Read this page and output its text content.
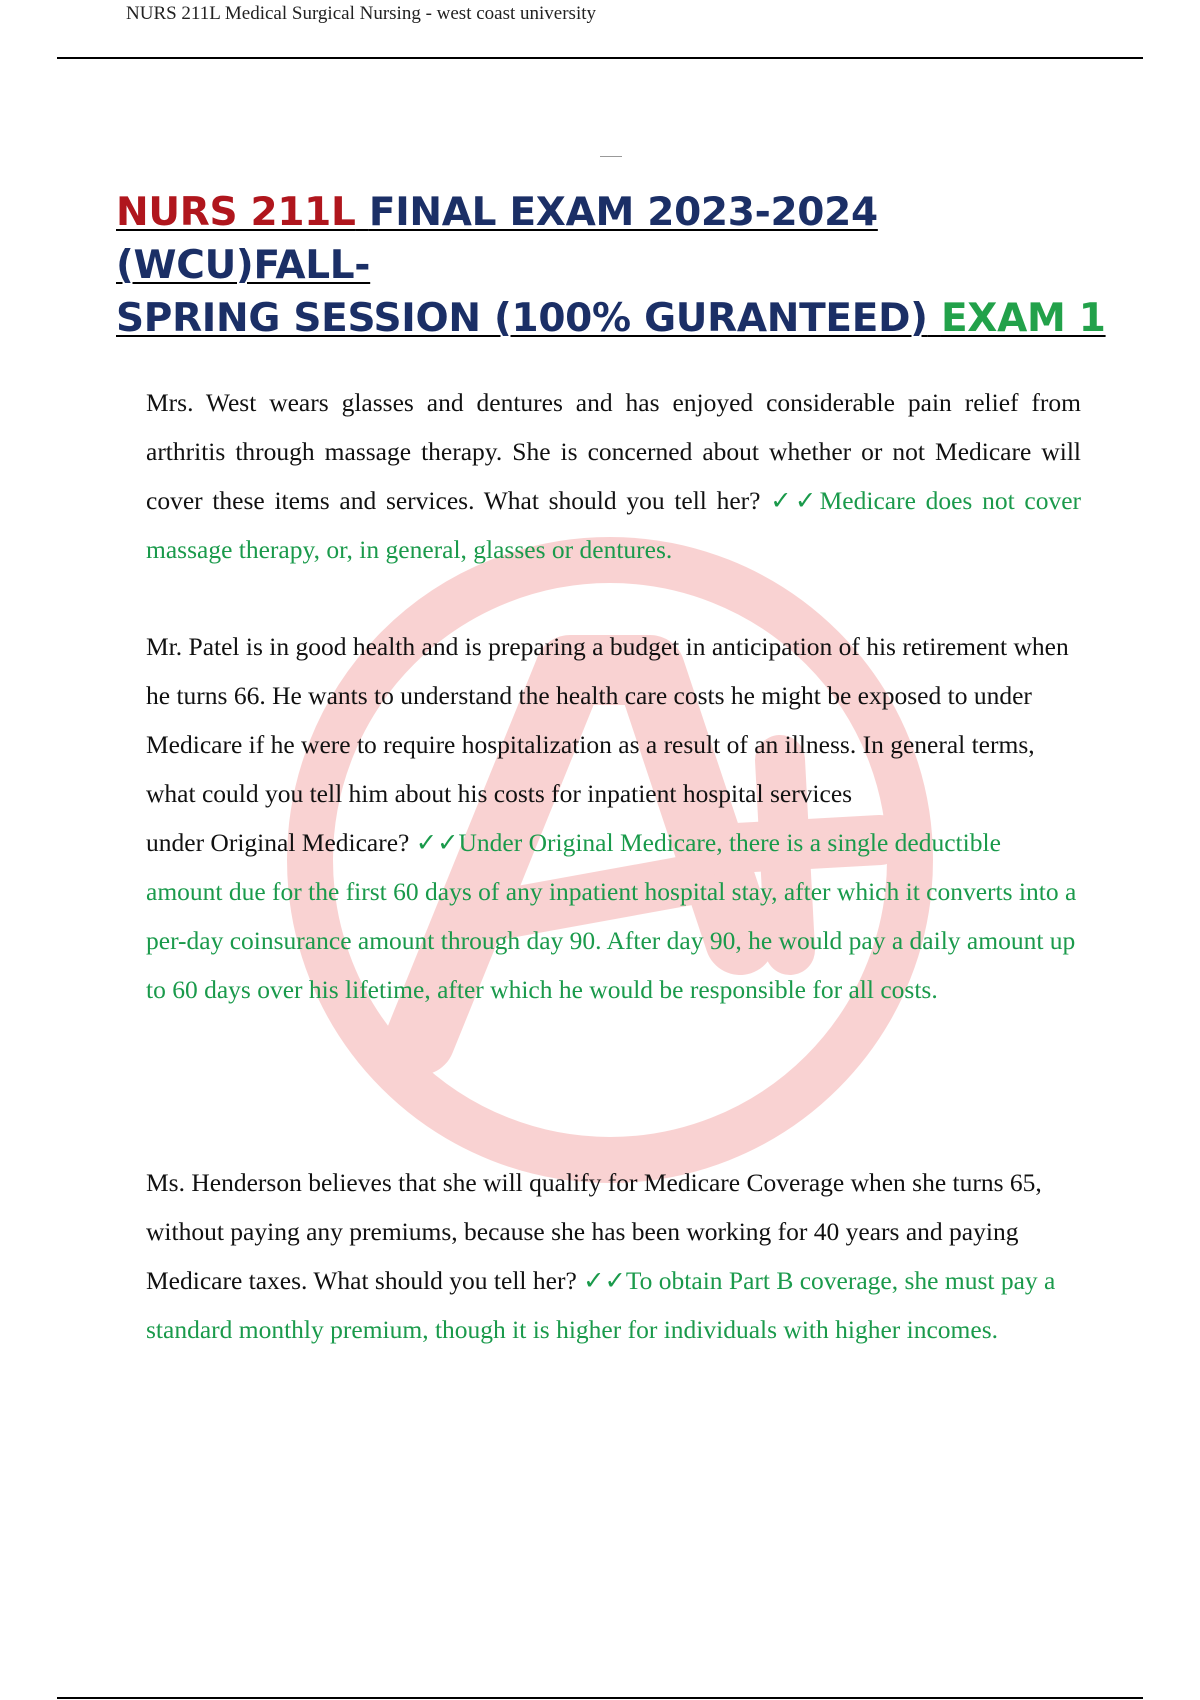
NURS 211L Medical Surgical Nursing - west coast university
NURS 211L FINAL EXAM 2023-2024 (WCU)FALL-
SPRING SESSION (100% GURANTEED) EXAM 1
Mrs. West wears glasses and dentures and has enjoyed considerable pain relief from arthritis through massage therapy. She is concerned about whether or not Medicare will cover these items and services. What should you tell her? ✓✓Medicare does not cover massage therapy, or, in general, glasses or dentures.
Mr. Patel is in good health and is preparing a budget in anticipation of his retirement when he turns 66. He wants to understand the health care costs he might be exposed to under Medicare if he were to require hospitalization as a result of an illness. In general terms, what could you tell him about his costs for inpatient hospital services
under Original Medicare? ✓✓Under Original Medicare, there is a single deductible amount due for the first 60 days of any inpatient hospital stay, after which it converts into a per-day coinsurance amount through day 90. After day 90, he would pay a daily amount up to 60 days over his lifetime, after which he would be responsible for all costs.
Ms. Henderson believes that she will qualify for Medicare Coverage when she turns 65, without paying any premiums, because she has been working for 40 years and paying Medicare taxes. What should you tell her? ✓✓To obtain Part B coverage, she must pay a standard monthly premium, though it is higher for individuals with higher incomes.
